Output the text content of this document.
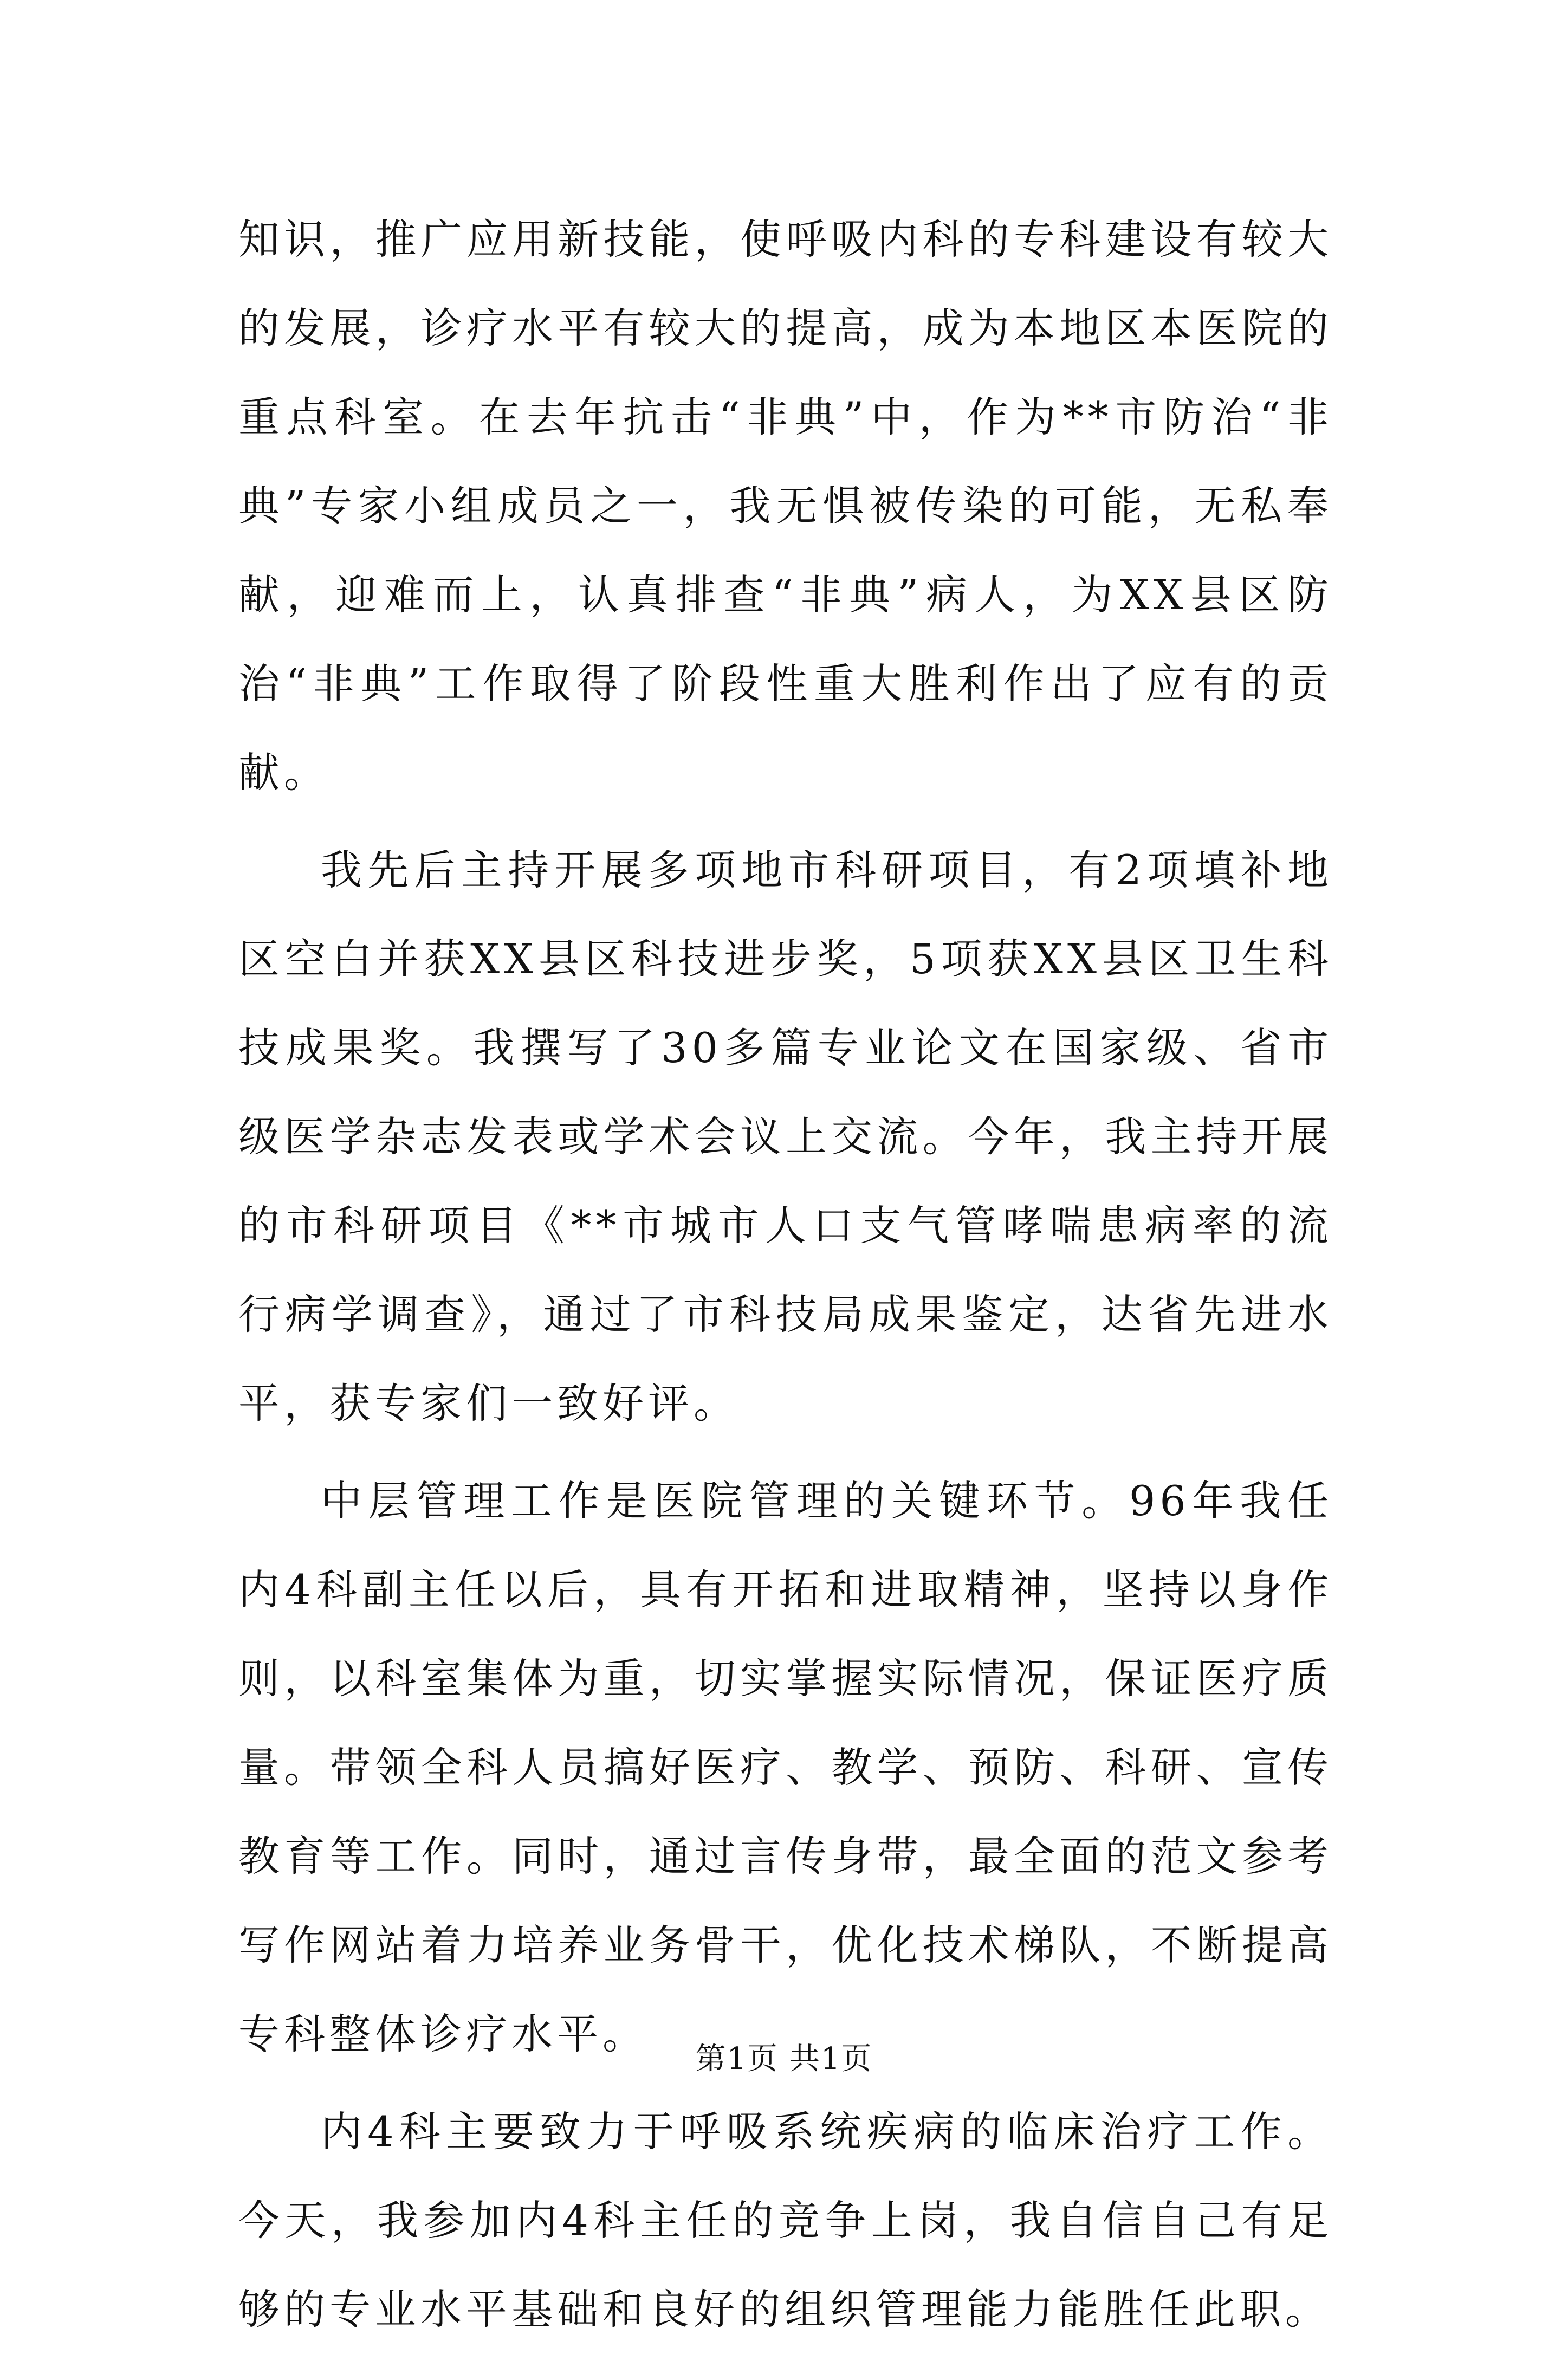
知识，推广应用新技能，使呼吸内科的专科建设有较大的发展，诊疗水平有较大的提高，成为本地区本医院的重点科室。在去年抗击“非典”中，作为**市防治“非典”专家小组成员之一，我无惧被传染的可能，无私奉献，迎难而上，认真排查“非典”病人，为XX县区防治“非典”工作取得了阶段性重大胜利作出了应有的贡献。

我先后主持开展多项地市科研项目，有2项填补地区空白并获XX县区科技进步奖，5项获XX县区卫生科技成果奖。我撰写了30多篇专业论文在国家级、省市级医学杂志发表或学术会议上交流。今年，我主持开展的市科研项目《**市城市人口支气管哮喘患病率的流行病学调查》，通过了市科技局成果鉴定，达省先进水平，获专家们一致好评。

中层管理工作是医院管理的关键环节。96年我任内4科副主任以后，具有开拓和进取精神，坚持以身作则，以科室集体为重，切实掌握实际情况，保证医疗质量。带领全科人员搞好医疗、教学、预防、科研、宣传教育等工作。同时，通过言传身带，最全面的范文参考写作网站着力培养业务骨干，优化技术梯队，不断提高专科整体诊疗水平。

内4科主要致力于呼吸系统疾病的临床治疗工作。今天，我参加内4科主任的竞争上岗，我自信自己有足够的专业水平基础和良好的组织管理能力能胜任此职。

第1页 共1页
